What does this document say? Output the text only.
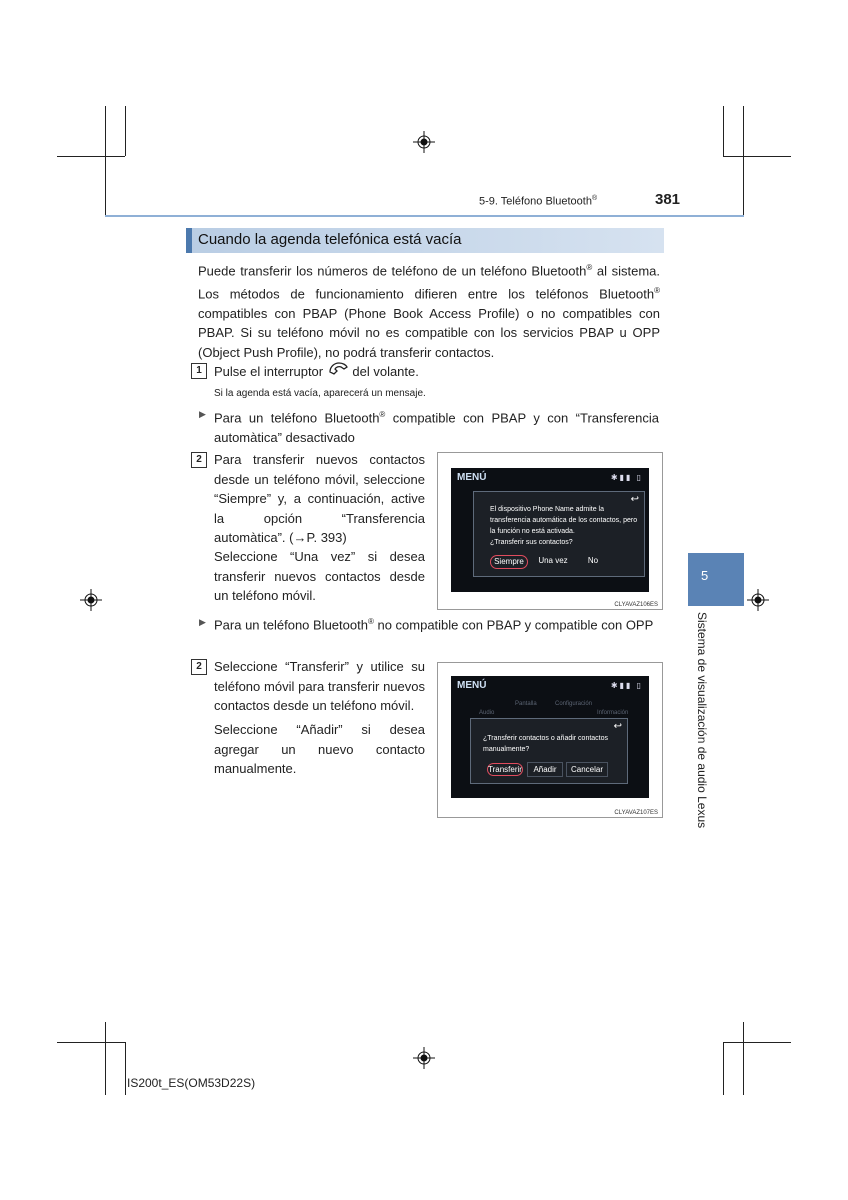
5-9. Teléfono Bluetooth®	381
Cuando la agenda telefónica está vacía
Puede transferir los números de teléfono de un teléfono Bluetooth® al sistema. Los métodos de funcionamiento difieren entre los teléfonos Bluetooth® compatibles con PBAP (Phone Book Access Profile) o no compatibles con PBAP. Si su teléfono móvil no es compatible con los servicios PBAP u OPP (Object Push Profile), no podrá transferir contactos.
1 Pulse el interruptor del volante.
Si la agenda está vacía, aparecerá un mensaje.
▶ Para un teléfono Bluetooth® compatible con PBAP y con “Transferencia automàtica” desactivado
2 Para transferir nuevos contactos desde un teléfono móvil, seleccione “Siempre” y, a continuación, active la opción “Transferencia automàtica”. (→P. 393)
Seleccione “Una vez” si desea transferir nuevos contactos desde un teléfono móvil.
MENÚ	✱▮▮ ▯
↩
El dispositivo Phone Name admite la
transferencia automática de los contactos, pero
la función no está activada.
¿Transferir sus contactos?
Siempre	Una vez	No
CLYAVAZ106ES
▶ Para un teléfono Bluetooth® no compatible con PBAP y compatible con OPP
2 Seleccione “Transferir” y utilice su teléfono móvil para transferir nuevos contactos desde un teléfono móvil.
Seleccione “Añadir” si desea agregar un nuevo contacto manualmente.
MENÚ	✱▮▮ ▯
Audio
Pantalla	Configuración
Información
↩
¿Transferir contactos o añadir contactos
manualmente?
Transferir	Añadir	Cancelar
CLYAVAZ107ES
5
Sistema de visualización de audio Lexus
IS200t_ES(OM53D22S)
